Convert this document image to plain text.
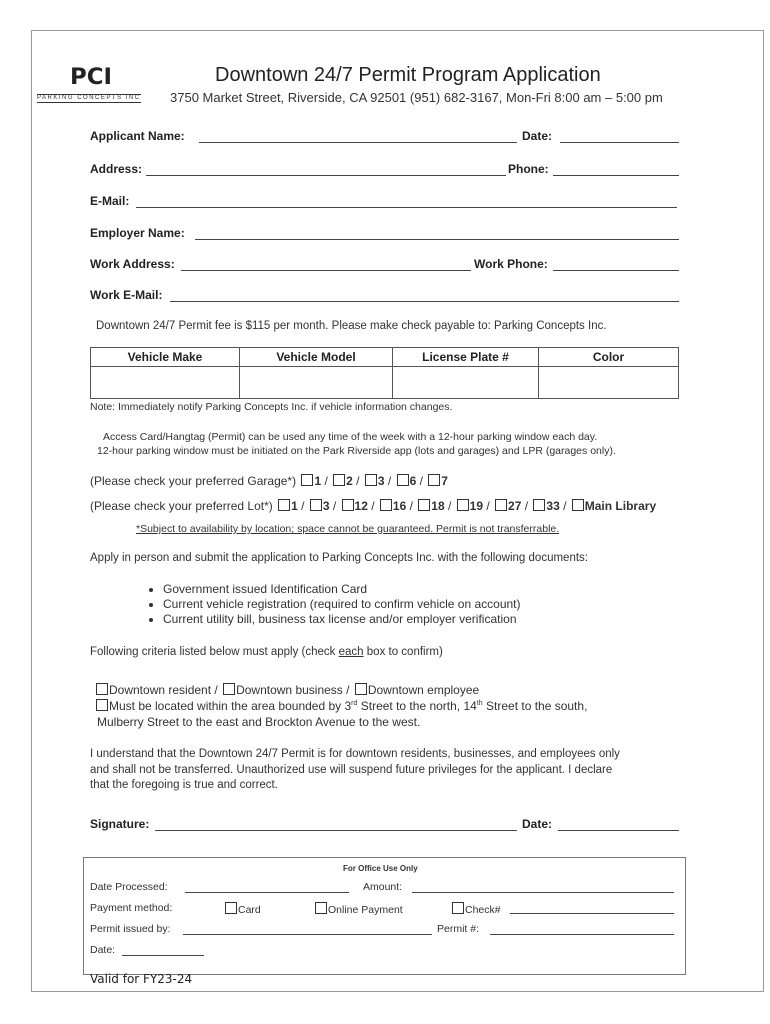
PCI
PARKING CONCEPTS INC
Downtown 24/7 Permit Program Application
3750 Market Street, Riverside, CA 92501 (951) 682-3167, Mon-Fri 8:00 am – 5:00 pm
Applicant Name:	Date:
Address:	Phone:
E-Mail:
Employer Name:
Work Address:	Work Phone:
Work E-Mail:
Downtown 24/7 Permit fee is $115 per month. Please make check payable to: Parking Concepts Inc.
Vehicle Make	Vehicle Model	License Plate #	Color

Note: Immediately notify Parking Concepts Inc. if vehicle information changes.
Access Card/Hangtag (Permit) can be used any time of the week with a 12-hour parking window each day.
12-hour parking window must be initiated on the Park Riverside app (lots and garages) and LPR (garages only).
(Please check your preferred Garage*) 1 / 2 / 3 / 6 / 7
(Please check your preferred Lot*) 1 / 3 / 12 / 16 / 18 / 19 / 27 / 33 / Main Library
*Subject to availability by location; space cannot be guaranteed. Permit is not transferrable.
Apply in person and submit the application to Parking Concepts Inc. with the following documents:
• Government issued Identification Card
• Current vehicle registration (required to confirm vehicle on account)
• Current utility bill, business tax license and/or employer verification
Following criteria listed below must apply (check each box to confirm)
Downtown resident / Downtown business / Downtown employee
Must be located within the area bounded by 3rd Street to the north, 14th Street to the south,
Mulberry Street to the east and Brockton Avenue to the west.
I understand that the Downtown 24/7 Permit is for downtown residents, businesses, and employees only
and shall not be transferred. Unauthorized use will suspend future privileges for the applicant. I declare
that the foregoing is true and correct.
Signature:	Date:
For Office Use Only
Date Processed:	Amount:
Payment method:	Card	Online Payment	Check#
Permit issued by:	Permit #:
Date:
Valid for FY23-24
